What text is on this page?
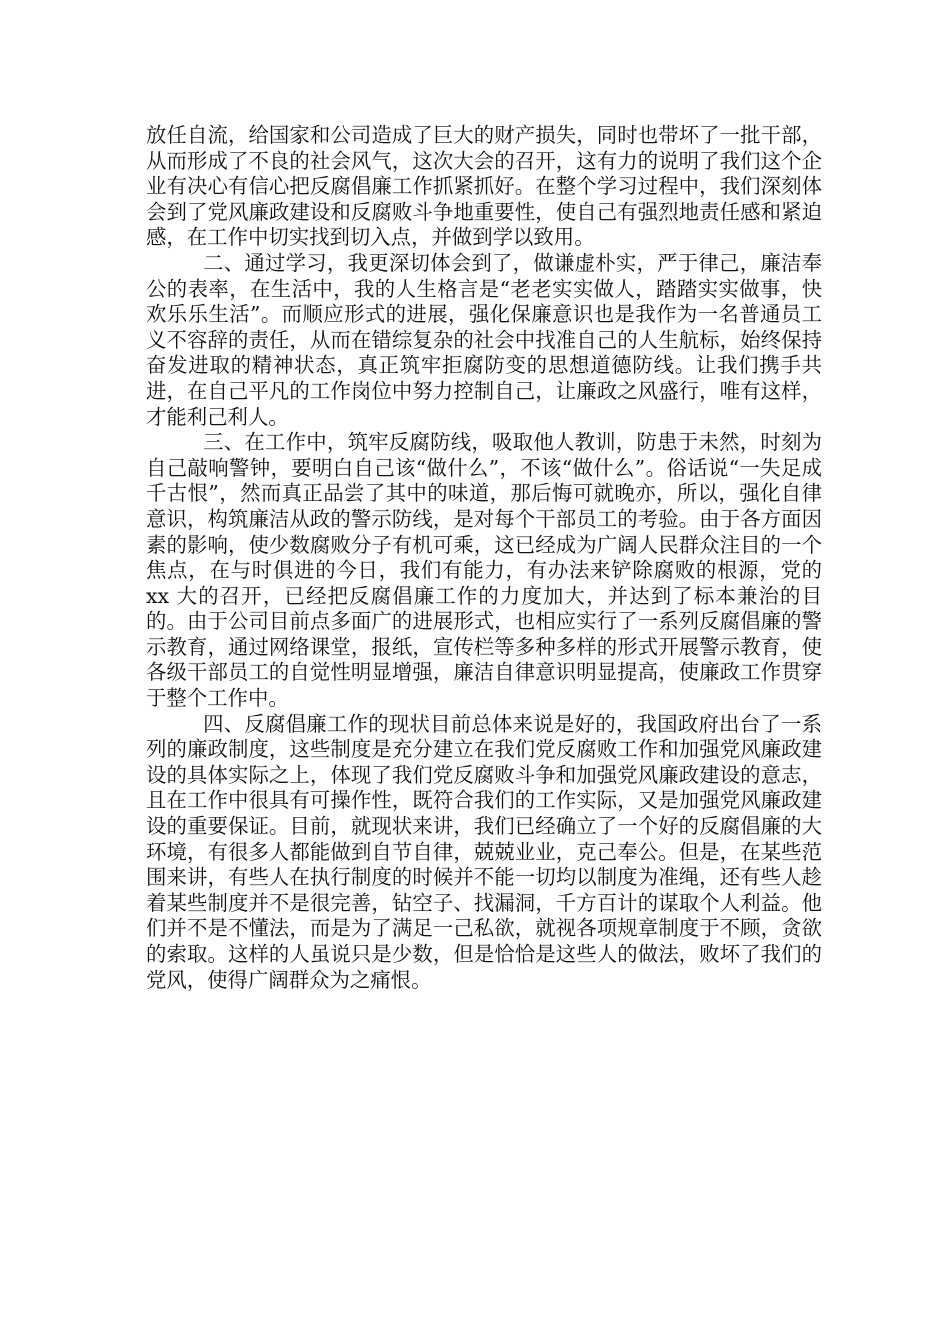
放任自流，给国家和公司造成了巨大的财产损失，同时也带坏了一批干部，从而形成了不良的社会风气，这次大会的召开，这有力的说明了我们这个企业有决心有信心把反腐倡廉工作抓紧抓好。在整个学习过程中，我们深刻体会到了党风廉政建设和反腐败斗争地重要性，使自己有强烈地责任感和紧迫感，在工作中切实找到切入点，并做到学以致用。

二、通过学习，我更深切体会到了，做谦虚朴实，严于律己，廉洁奉公的表率，在生活中，我的人生格言是“老老实实做人，踏踏实实做事，快欢乐乐生活”。而顺应形式的进展，强化保廉意识也是我作为一名普通员工义不容辞的责任，从而在错综复杂的社会中找准自己的人生航标，始终保持奋发进取的精神状态，真正筑牢拒腐防变的思想道德防线。让我们携手共进，在自己平凡的工作岗位中努力控制自己，让廉政之风盛行，唯有这样，才能利己利人。

三、在工作中，筑牢反腐防线，吸取他人教训，防患于未然，时刻为自己敲响警钟，要明白自己该“做什么”，不该“做什么”。俗话说“一失足成千古恨”，然而真正品尝了其中的味道，那后悔可就晚亦，所以，强化自律意识，构筑廉洁从政的警示防线，是对每个干部员工的考验。由于各方面因素的影响，使少数腐败分子有机可乘，这已经成为广阔人民群众注目的一个焦点，在与时俱进的今日，我们有能力，有办法来铲除腐败的根源，党的 xx 大的召开，已经把反腐倡廉工作的力度加大，并达到了标本兼治的目的。由于公司目前点多面广的进展形式，也相应实行了一系列反腐倡廉的警示教育，通过网络课堂，报纸，宣传栏等多种多样的形式开展警示教育，使各级干部员工的自觉性明显增强，廉洁自律意识明显提高，使廉政工作贯穿于整个工作中。

四、反腐倡廉工作的现状目前总体来说是好的，我国政府出台了一系列的廉政制度，这些制度是充分建立在我们党反腐败工作和加强党风廉政建设的具体实际之上，体现了我们党反腐败斗争和加强党风廉政建设的意志，且在工作中很具有可操作性，既符合我们的工作实际，又是加强党风廉政建设的重要保证。目前，就现状来讲，我们已经确立了一个好的反腐倡廉的大环境，有很多人都能做到自节自律，兢兢业业，克己奉公。但是，在某些范围来讲，有些人在执行制度的时候并不能一切均以制度为准绳，还有些人趁着某些制度并不是很完善，钻空子、找漏洞，千方百计的谋取个人利益。他们并不是不懂法，而是为了满足一己私欲，就视各项规章制度于不顾，贪欲的索取。这样的人虽说只是少数，但是恰恰是这些人的做法，败坏了我们的党风，使得广阔群众为之痛恨。
